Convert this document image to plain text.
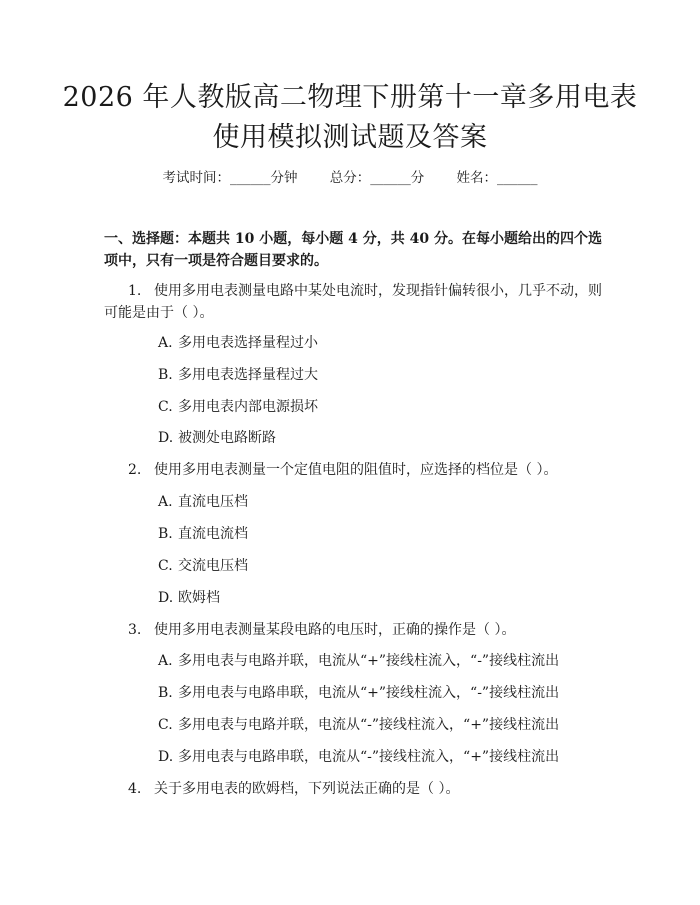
2026 年人教版高二物理下册第十一章多用电表使用模拟测试题及答案
考试时间：______分钟 总分：______分 姓名：______
一、选择题：本题共 10 小题，每小题 4 分，共 40 分。在每小题给出的四个选项中，只有一项是符合题目要求的。
1. 使用多用电表测量电路中某处电流时，发现指针偏转很小，几乎不动，则可能是由于（ ）。
A. 多用电表选择量程过小
B. 多用电表选择量程过大
C. 多用电表内部电源损坏
D. 被测处电路断路
2. 使用多用电表测量一个定值电阻的阻值时，应选择的档位是（ ）。
A. 直流电压档
B. 直流电流档
C. 交流电压档
D. 欧姆档
3. 使用多用电表测量某段电路的电压时，正确的操作是（ ）。
A. 多用电表与电路并联，电流从“+”接线柱流入，“-”接线柱流出
B. 多用电表与电路串联，电流从“+”接线柱流入，“-”接线柱流出
C. 多用电表与电路并联，电流从“-”接线柱流入，“+”接线柱流出
D. 多用电表与电路串联，电流从“-”接线柱流入，“+”接线柱流出
4. 关于多用电表的欧姆档，下列说法正确的是（ ）。
